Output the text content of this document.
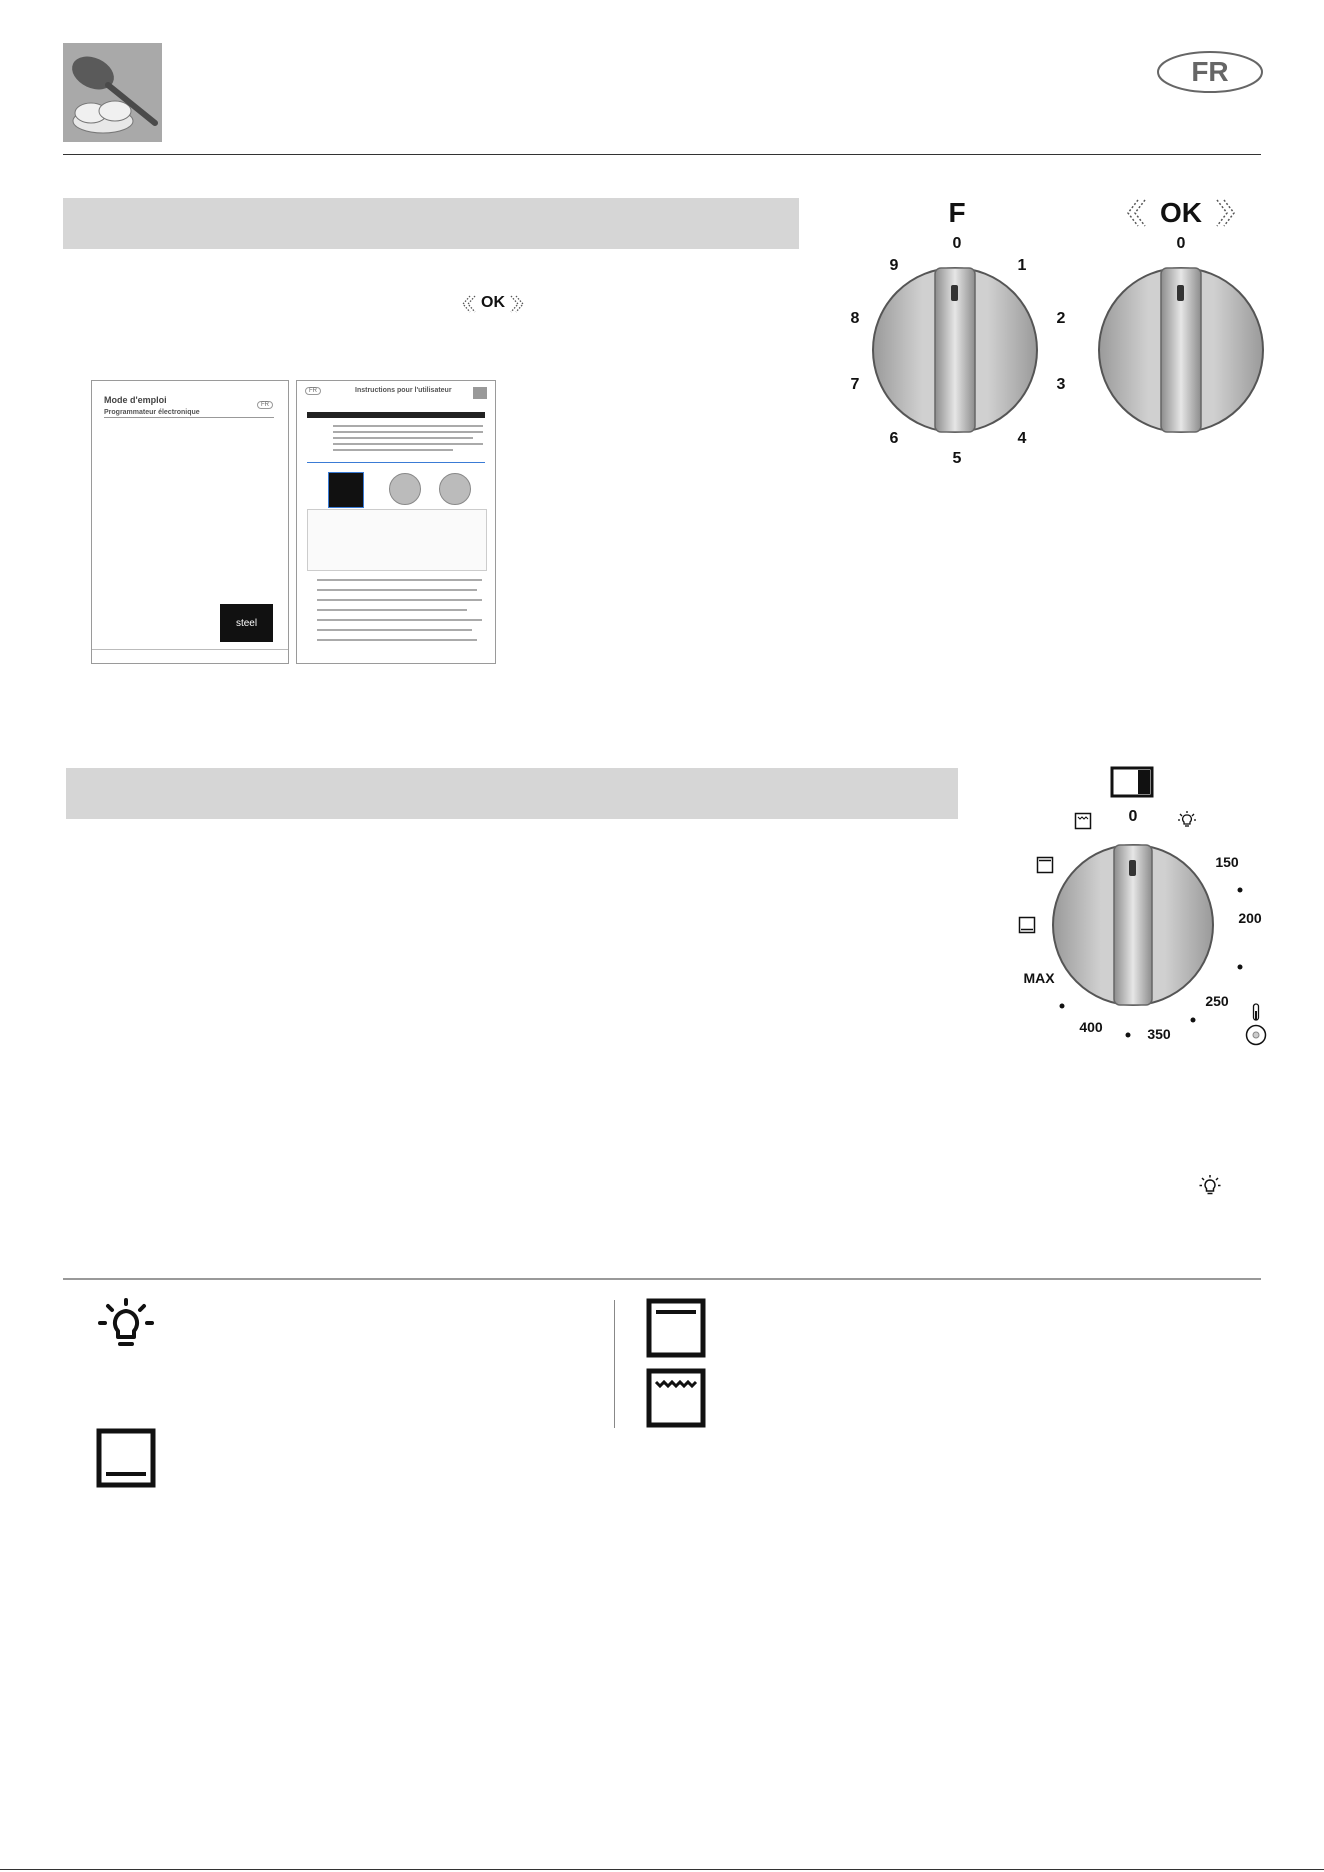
FR
OK
Mode d'emploi
Programmateur électronique
FR
steel
FR	Instructions pour l'utilisateur
F
0
1
2
3
4
5
6
7
8
9
OK
0
0
150
200
250
350
400
MAX
